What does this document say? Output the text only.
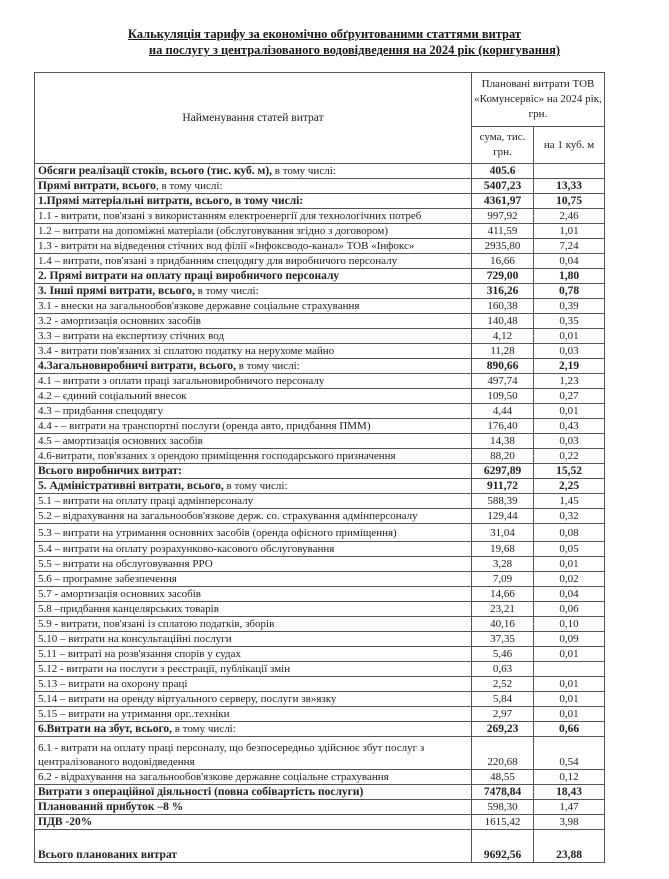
Калькуляція тарифу за економічно обґрунтованими статтями витрат
на послугу з централізованого водовідведення на 2024 рік (коригування)
Найменування статей витрат	Плановані витрати ТОВ «Комунсервіс» на 2024 рік, грн.	
	сума, тис. грн.	на 1 куб. м
Обсяги реалізації стоків, всього (тис. куб. м), в тому числі:	405.6	
Прямі витрати, всього, в тому числі:	5407,23	13,33
1.Прямі матеріальні витрати, всього, в тому числі:	4361,97	10,75
1.1 - витрати, пов'язані з використанням електроенергії для технологічних потреб	997,92	2,46
1.2 – витрати на допоміжні матеріали (обслуговування згідно з договором)	411,59	1,01
1.3 - витрати на відведення стічних вод філії «Інфоксводо-канал» ТОВ «Інфокс»	2935,80	7,24
1.4 – витрати, пов'язані з придбанням спецодягу для виробничого персоналу	16,66	0,04
2. Прямі витрати на оплату праці виробничого персоналу	729,00	1,80
3. Інші прямі витрати, всього, в тому числі:	316,26	0,78
3.1 - внески на загальнообов'язкове державне соціальне страхування	160,38	0,39
3.2 - амортизація основних засобів	140,48	0,35
3.3 – витрати на експертизу стічних вод	4,12	0,01
3.4 - витрати пов'язаних зі сплатою податку на нерухоме майно	11,28	0,03
4.Загальновиробничі витрати, всього, в тому числі:	890,66	2,19
4.1 – витрати з оплати праці загальновиробничого персоналу	497,74	1,23
4.2 – єдиний соціальний внесок	109,50	0,27
4.3 – придбання спецодягу	4,44	0,01
4.4 - – витрати на транспортні послуги (оренда авто, придбання ПММ)	176,40	0,43
4.5 – амортизація основних засобів	14,38	0,03
4.6-витрати, пов'язаних з орендою приміщення господарського призначення	88,20	0,22
Всього виробничих витрат:	6297,89	15,52
5. Адміністративні витрати, всього, в тому числі:	911,72	2,25
5.1 – витрати на оплату праці адмінперсоналу	588,39	1,45
5.2 – відрахування на загальнообов'язкове держ. со. страхування адмінперсоналу	129,44	0,32
5.3 – витрати на утримання основних засобів (оренда офісного приміщення)	31,04	0,08
5.4 – витрати на оплату розрахунково-касового обслуговування	19,68	0,05
5.5 – витрати на обслуговування РРО	3,28	0,01
5.6 – програмне забезпечення	7,09	0,02
5.7 - амортизація основних засобів	14,66	0,04
5.8 –придбання канцелярських товарів	23,21	0,06
5.9 - витрати, пов'язані із сплатою податків, зборів	40,16	0,10
5.10 – витрати на консультаційні послуги	37,35	0,09
5.11 – витраті на розв'язання спорів у судах	5,46	0,01
5.12 - витрати на послуги з реєстрації, публікації змін	0,63	
5.13 – витрати на охорону праці	2,52	0,01
5.14 – витрати на оренду віртуального серверу, послуги зв»язку	5,84	0,01
5.15 – витрати на утримання орг..техніки	2,97	0,01
6.Витрати на збут, всього, в тому числі:	269,23	0,66
6.1 - витрати на оплату праці персоналу, що безпосередньо здійснює збут послуг з централізованого водовідведення	220,68	0,54
6.2 - відрахування на загальнообов'язкове державне соціальне страхування	48,55	0,12
Витрати з операційної діяльності (повна собівартість послуги)	7478,84	18,43
Планований прибуток –8 %	598,30	1,47
ПДВ -20%	1615,42	3,98
Всього планованих витрат	9692,56	23,88
